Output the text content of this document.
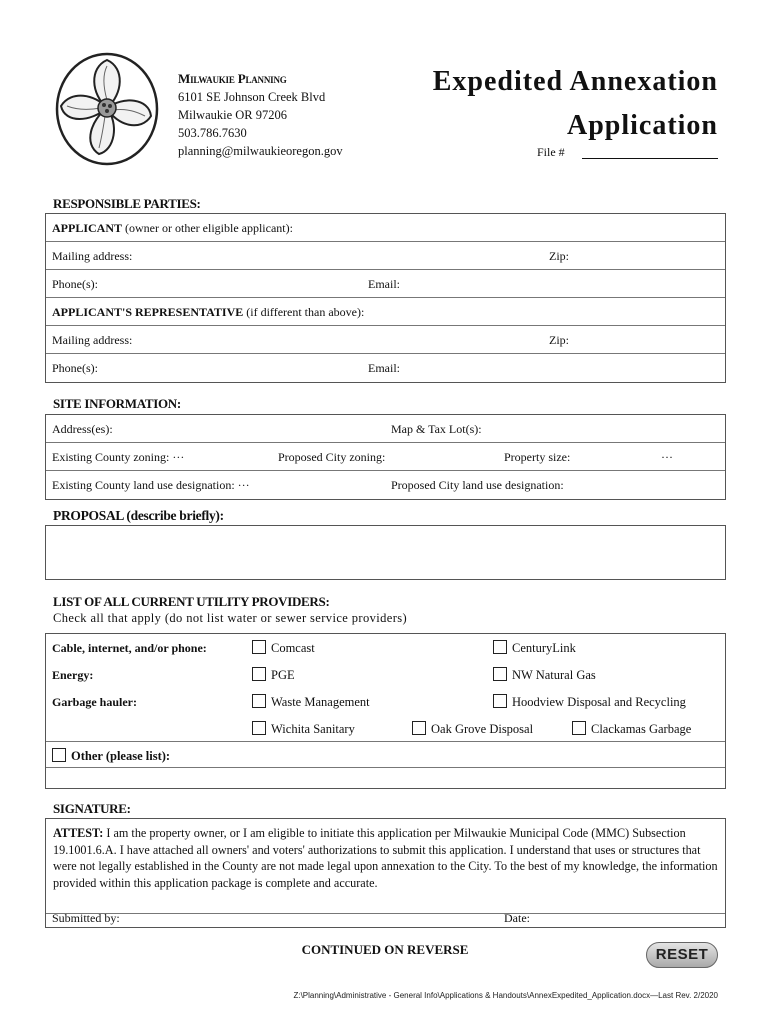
Milwaukie Planning
6101 SE Johnson Creek Blvd
Milwaukie OR 97206
503.786.7630
planning@milwaukieoregon.gov
Expedited Annexation
Application
File #
RESPONSIBLE PARTIES:
APPLICANT (owner or other eligible applicant):
Mailing address:	Zip:
Phone(s):	Email:
APPLICANT'S REPRESENTATIVE (if different than above):
Mailing address:	Zip:
Phone(s):	Email:
SITE INFORMATION:
Address(es):	Map & Tax Lot(s):
Existing County zoning: ···	Proposed City zoning:	Property size:	···
Existing County land use designation: ···	Proposed City land use designation:
PROPOSAL (describe briefly):
LIST OF ALL CURRENT UTILITY PROVIDERS:
Check all that apply (do not list water or sewer service providers)
Cable, internet, and/or phone:	Comcast	CenturyLink
Energy:	PGE	NW Natural Gas
Garbage hauler:	Waste Management	Hoodview Disposal and Recycling
Wichita Sanitary	Oak Grove Disposal	Clackamas Garbage
Other (please list):
SIGNATURE:
ATTEST: I am the property owner, or I am eligible to initiate this application per Milwaukie Municipal Code (MMC) Subsection 19.1001.6.A. I have attached all owners' and voters' authorizations to submit this application. I understand that uses or structures that were not legally established in the County are not made legal upon annexation to the City. To the best of my knowledge, the information provided within this application package is complete and accurate.
Submitted by:	Date:
CONTINUED ON REVERSE	RESET
Z:\Planning\Administrative - General Info\Applications & Handouts\AnnexExpedited_Application.docx—Last Rev. 2/2020
